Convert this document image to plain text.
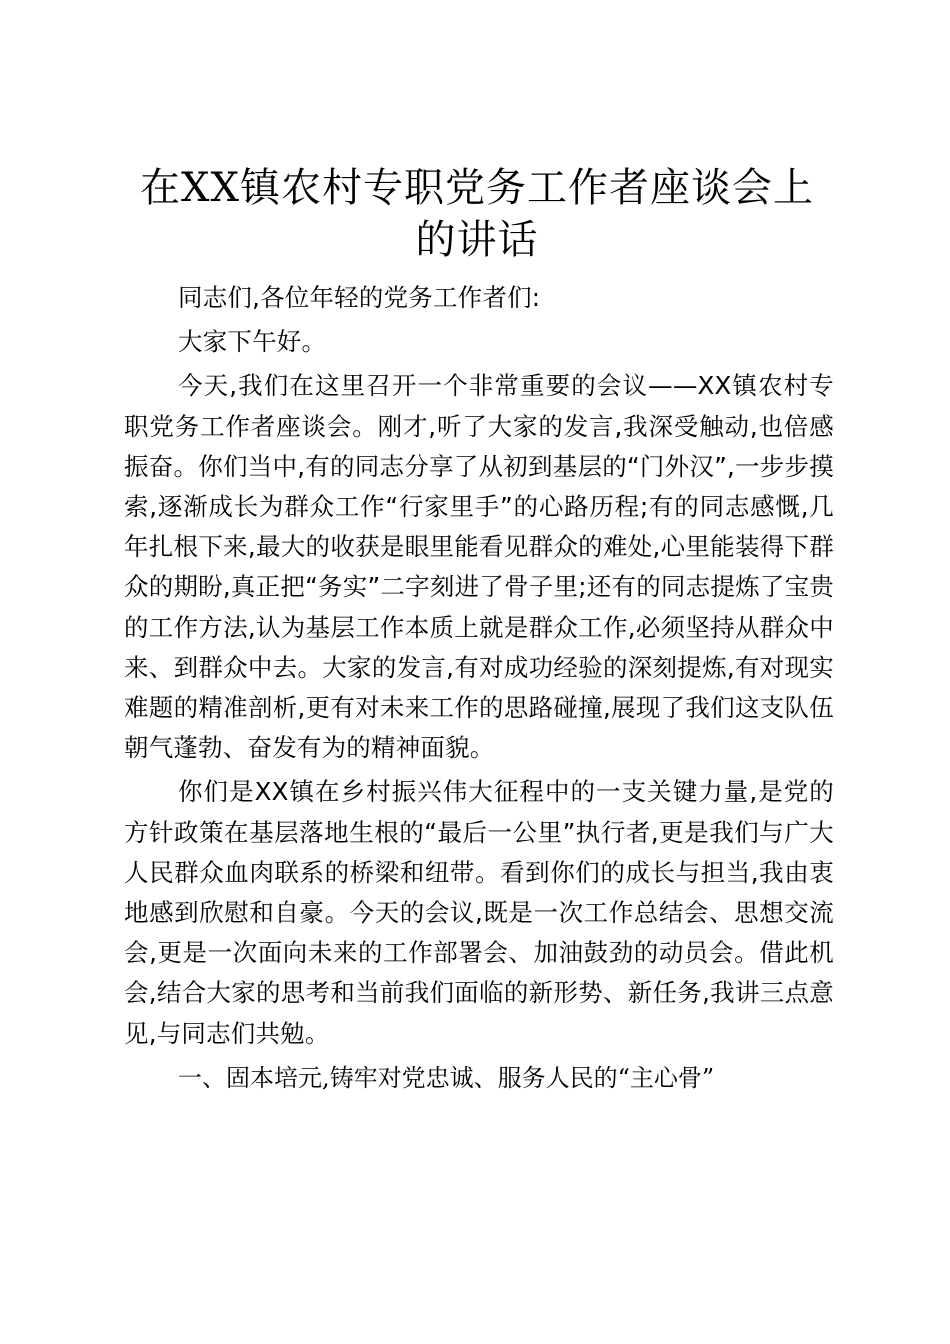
在XX镇农村专职党务工作者座谈会上的讲话

同志们,各位年轻的党务工作者们:

大家下午好。

今天,我们在这里召开一个非常重要的会议——XX镇农村专职党务工作者座谈会。刚才,听了大家的发言,我深受触动,也倍感振奋。你们当中,有的同志分享了从初到基层的“门外汉”,一步步摸索,逐渐成长为群众工作“行家里手”的心路历程;有的同志感慨,几年扎根下来,最大的收获是眼里能看见群众的难处,心里能装得下群众的期盼,真正把“务实”二字刻进了骨子里;还有的同志提炼了宝贵的工作方法,认为基层工作本质上就是群众工作,必须坚持从群众中来、到群众中去。大家的发言,有对成功经验的深刻提炼,有对现实难题的精准剖析,更有对未来工作的思路碰撞,展现了我们这支队伍朝气蓬勃、奋发有为的精神面貌。

你们是XX镇在乡村振兴伟大征程中的一支关键力量,是党的方针政策在基层落地生根的“最后一公里”执行者,更是我们与广大人民群众血肉联系的桥梁和纽带。看到你们的成长与担当,我由衷地感到欣慰和自豪。今天的会议,既是一次工作总结会、思想交流会,更是一次面向未来的工作部署会、加油鼓劲的动员会。借此机会,结合大家的思考和当前我们面临的新形势、新任务,我讲三点意见,与同志们共勉。

一、固本培元,铸牢对党忠诚、服务人民的“主心骨”
